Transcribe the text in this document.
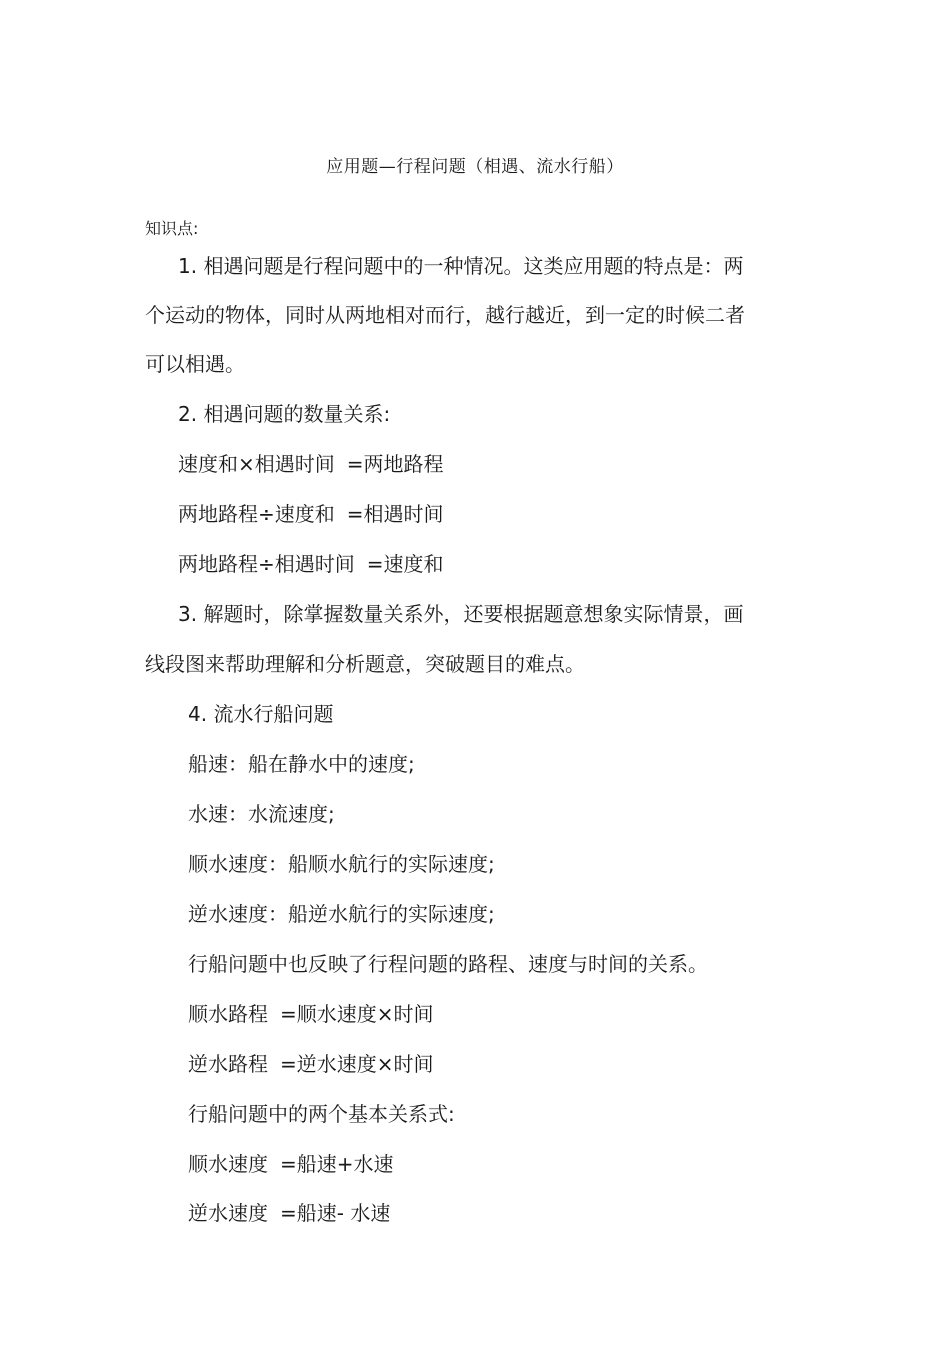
应用题—行程问题（相遇、流水行船）
知识点:
1. 相遇问题是行程问题中的一种情况。这类应用题的特点是：两
个运动的物体，同时从两地相对而行，越行越近，到一定的时候二者
可以相遇。
2. 相遇问题的数量关系:
速度和×相遇时间 =两地路程
两地路程÷速度和 =相遇时间
两地路程÷相遇时间 =速度和
3. 解题时，除掌握数量关系外，还要根据题意想象实际情景，画
线段图来帮助理解和分析题意，突破题目的难点。
4. 流水行船问题
船速：船在静水中的速度;
水速：水流速度;
顺水速度：船顺水航行的实际速度;
逆水速度：船逆水航行的实际速度;
行船问题中也反映了行程问题的路程、速度与时间的关系。
顺水路程 =顺水速度×时间
逆水路程 =逆水速度×时间
行船问题中的两个基本关系式:
顺水速度 =船速+水速
逆水速度 =船速- 水速
